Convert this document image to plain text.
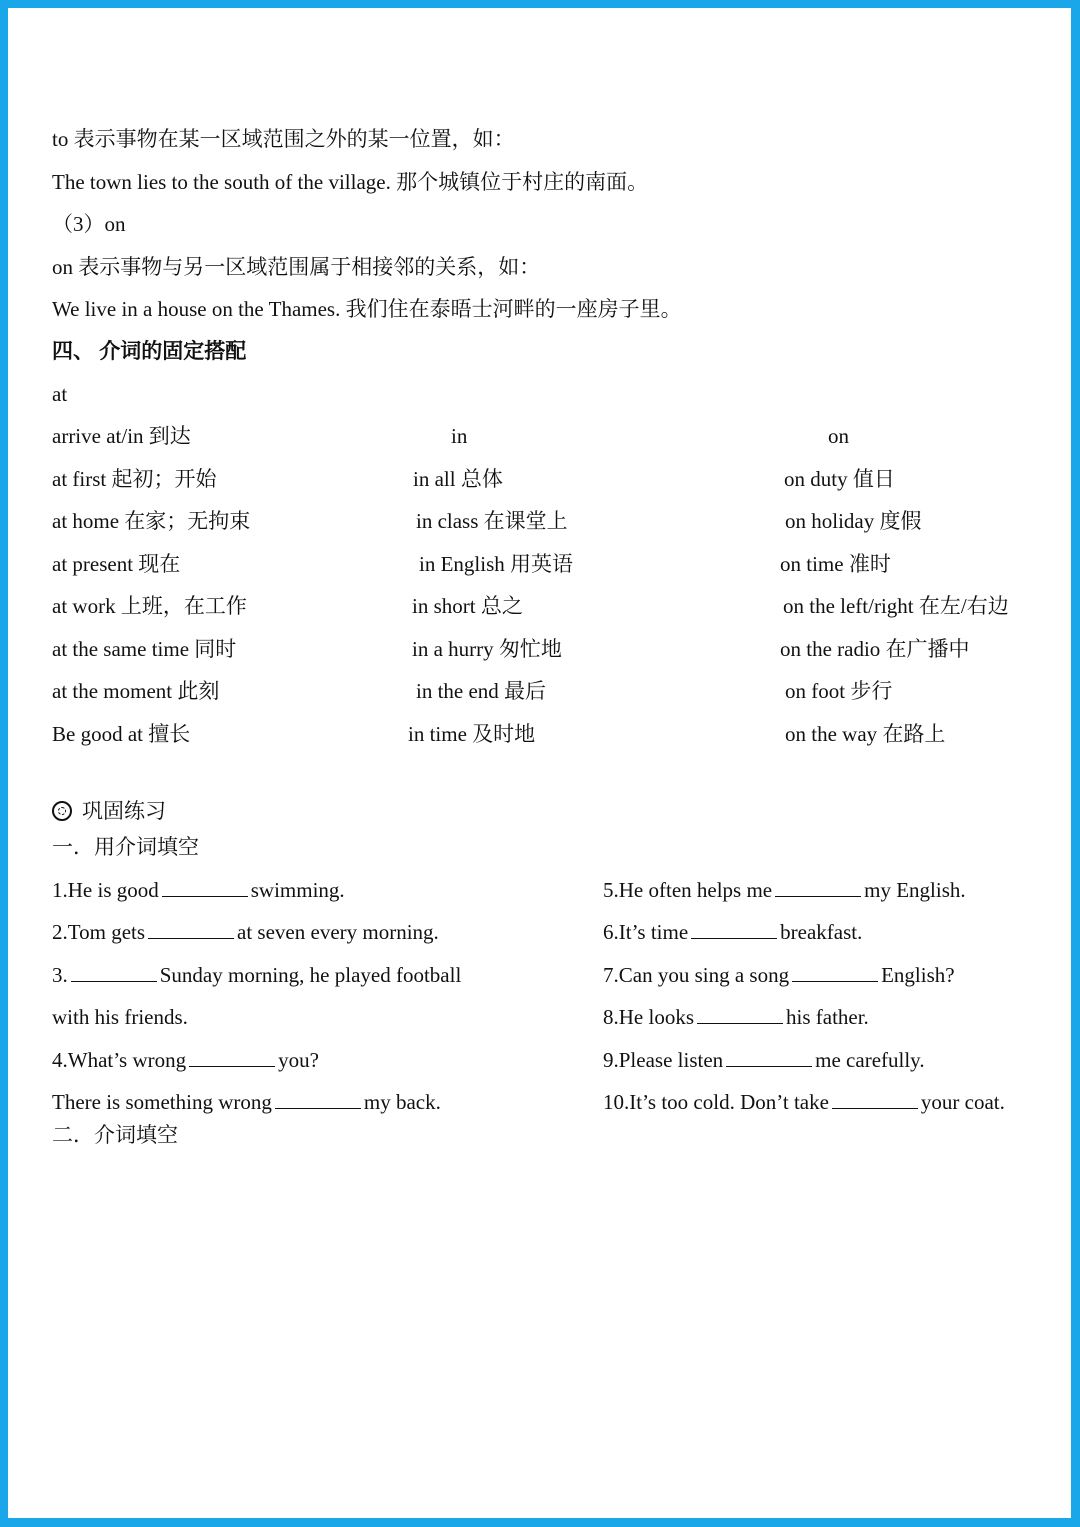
to 表示事物在某一区域范围之外的某一位置，如：
The town lies to the south of the village. 那个城镇位于村庄的南面。
（3）on
on 表示事物与另一区域范围属于相接邻的关系，如：
We live in a house on the Thames. 我们住在泰晤士河畔的一座房子里。
四、 介词的固定搭配
at
arrive at/in 到达	in	on
at first 起初；开始	in all 总体	on duty 值日
at home 在家；无拘束	in class 在课堂上	on holiday 度假
at present 现在	in English 用英语	on time 准时
at work 上班，在工作	in short 总之	on the left/right 在左/右边
at the same time 同时	in a hurry 匆忙地	on the radio 在广播中
at the moment 此刻	in the end 最后	on foot 步行
Be good at 擅长	in time 及时地	on the way 在路上
巩固练习
一．用介词填空
1.He is good	swimming.
2.Tom gets	at seven every morning.
3.	Sunday morning, he played football
with his friends.
4.What’s wrong	you?
There is something wrong	my back.
5.He often helps me	my English.
6.It’s time	breakfast.
7.Can you sing a song	English?
8.He looks	his father.
9.Please listen	me carefully.
10.It’s too cold. Don’t take	your coat.
二．介词填空
